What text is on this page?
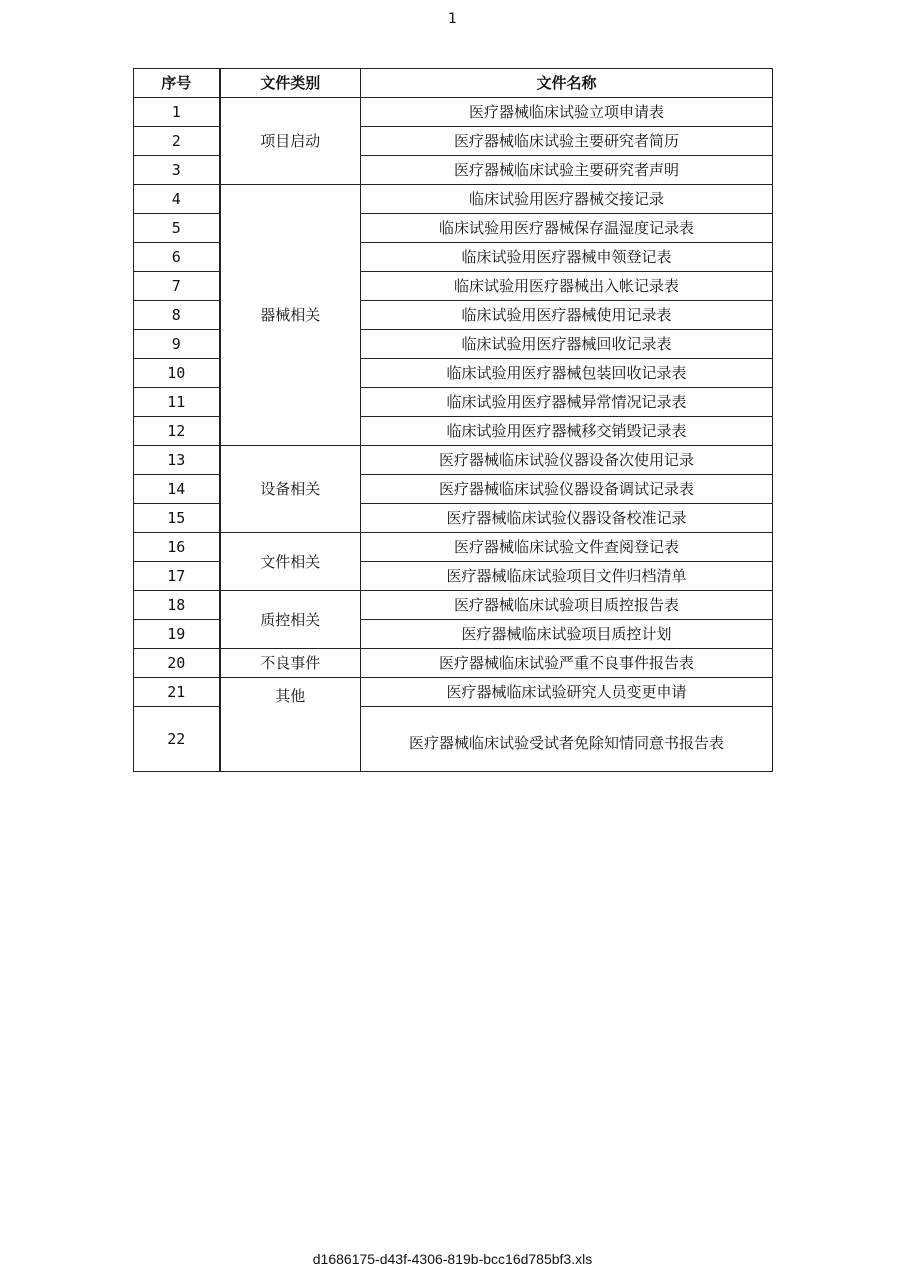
1
序号	文件类别	文件名称
1	项目启动	医疗器械临床试验立项申请表
2		医疗器械临床试验主要研究者简历
3		医疗器械临床试验主要研究者声明
4	器械相关	临床试验用医疗器械交接记录
5		临床试验用医疗器械保存温湿度记录表
6		临床试验用医疗器械申领登记表
7		临床试验用医疗器械出入帐记录表
8		临床试验用医疗器械使用记录表
9		临床试验用医疗器械回收记录表
10		临床试验用医疗器械包装回收记录表
11		临床试验用医疗器械异常情况记录表
12		临床试验用医疗器械移交销毁记录表
13	设备相关	医疗器械临床试验仪器设备次使用记录
14		医疗器械临床试验仪器设备调试记录表
15		医疗器械临床试验仪器设备校准记录
16	文件相关	医疗器械临床试验文件查阅登记表
17		医疗器械临床试验项目文件归档清单
18	质控相关	医疗器械临床试验项目质控报告表
19		医疗器械临床试验项目质控计划
20	不良事件	医疗器械临床试验严重不良事件报告表
21	其他	医疗器械临床试验研究人员变更申请
22		医疗器械临床试验受试者免除知情同意书报告表
d1686175-d43f-4306-819b-bcc16d785bf3.xls
